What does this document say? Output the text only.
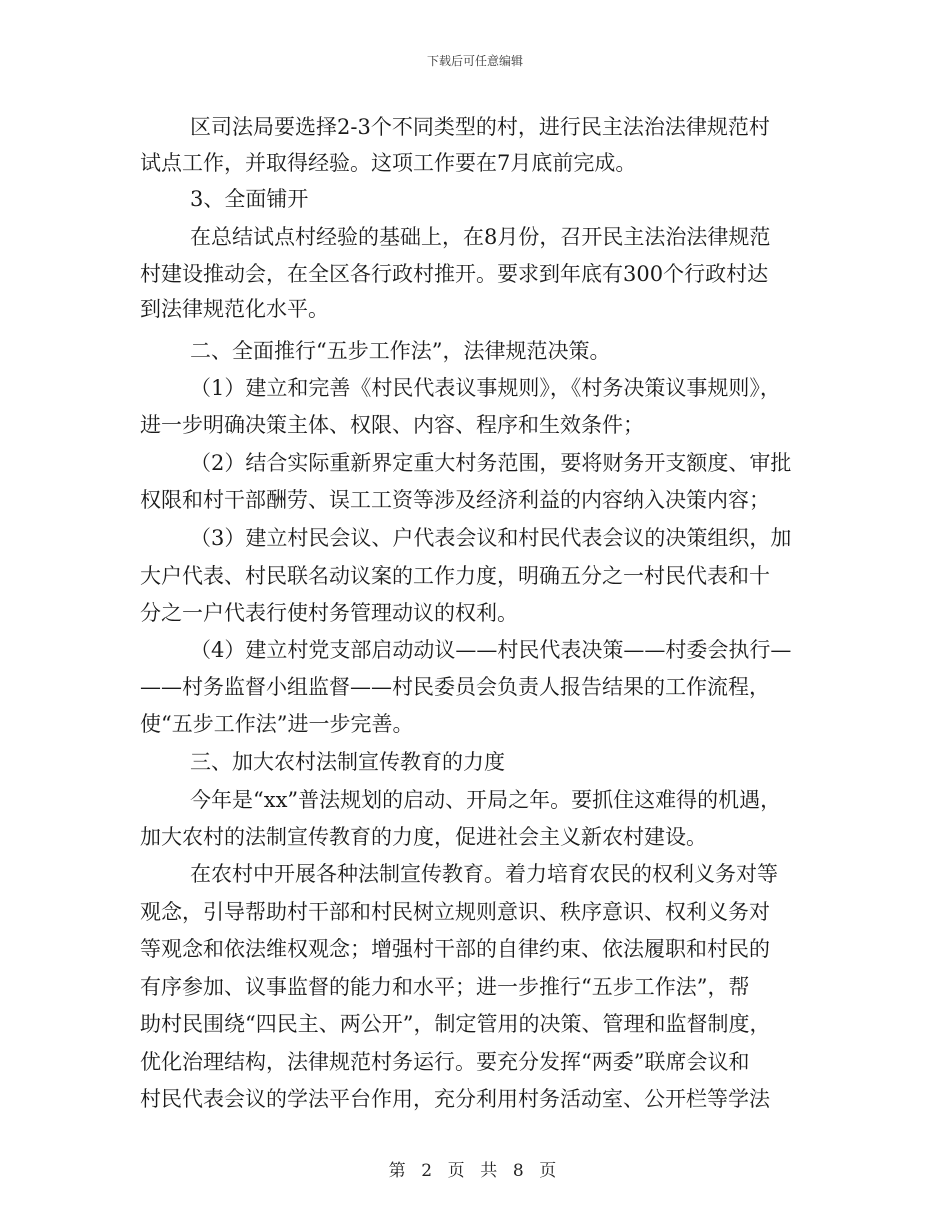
下载后可任意编辑
区司法局要选择2-3个不同类型的村，进行民主法治法律规范村
试点工作，并取得经验。这项工作要在7月底前完成。
3、全面铺开
在总结试点村经验的基础上，在8月份，召开民主法治法律规范
村建设推动会，在全区各行政村推开。要求到年底有300个行政村达
到法律规范化水平。
二、全面推行“五步工作法”，法律规范决策。
（1）建立和完善《村民代表议事规则》，《村务决策议事规则》，
进一步明确决策主体、权限、内容、程序和生效条件；
（2）结合实际重新界定重大村务范围，要将财务开支额度、审批
权限和村干部酬劳、误工工资等涉及经济利益的内容纳入决策内容；
（3）建立村民会议、户代表会议和村民代表会议的决策组织，加
大户代表、村民联名动议案的工作力度，明确五分之一村民代表和十
分之一户代表行使村务管理动议的权利。
（4）建立村党支部启动动议——村民代表决策——村委会执行—
——村务监督小组监督——村民委员会负责人报告结果的工作流程，
使“五步工作法”进一步完善。
三、加大农村法制宣传教育的力度
今年是“xx”普法规划的启动、开局之年。要抓住这难得的机遇，
加大农村的法制宣传教育的力度，促进社会主义新农村建设。
在农村中开展各种法制宣传教育。着力培育农民的权利义务对等
观念，引导帮助村干部和村民树立规则意识、秩序意识、权利义务对
等观念和依法维权观念；增强村干部的自律约束、依法履职和村民的
有序参加、议事监督的能力和水平；进一步推行“五步工作法”，帮
助村民围绕“四民主、两公开”，制定管用的决策、管理和监督制度，
优化治理结构，法律规范村务运行。要充分发挥“两委”联席会议和
村民代表会议的学法平台作用，充分利用村务活动室、公开栏等学法
第 2 页 共 8 页
